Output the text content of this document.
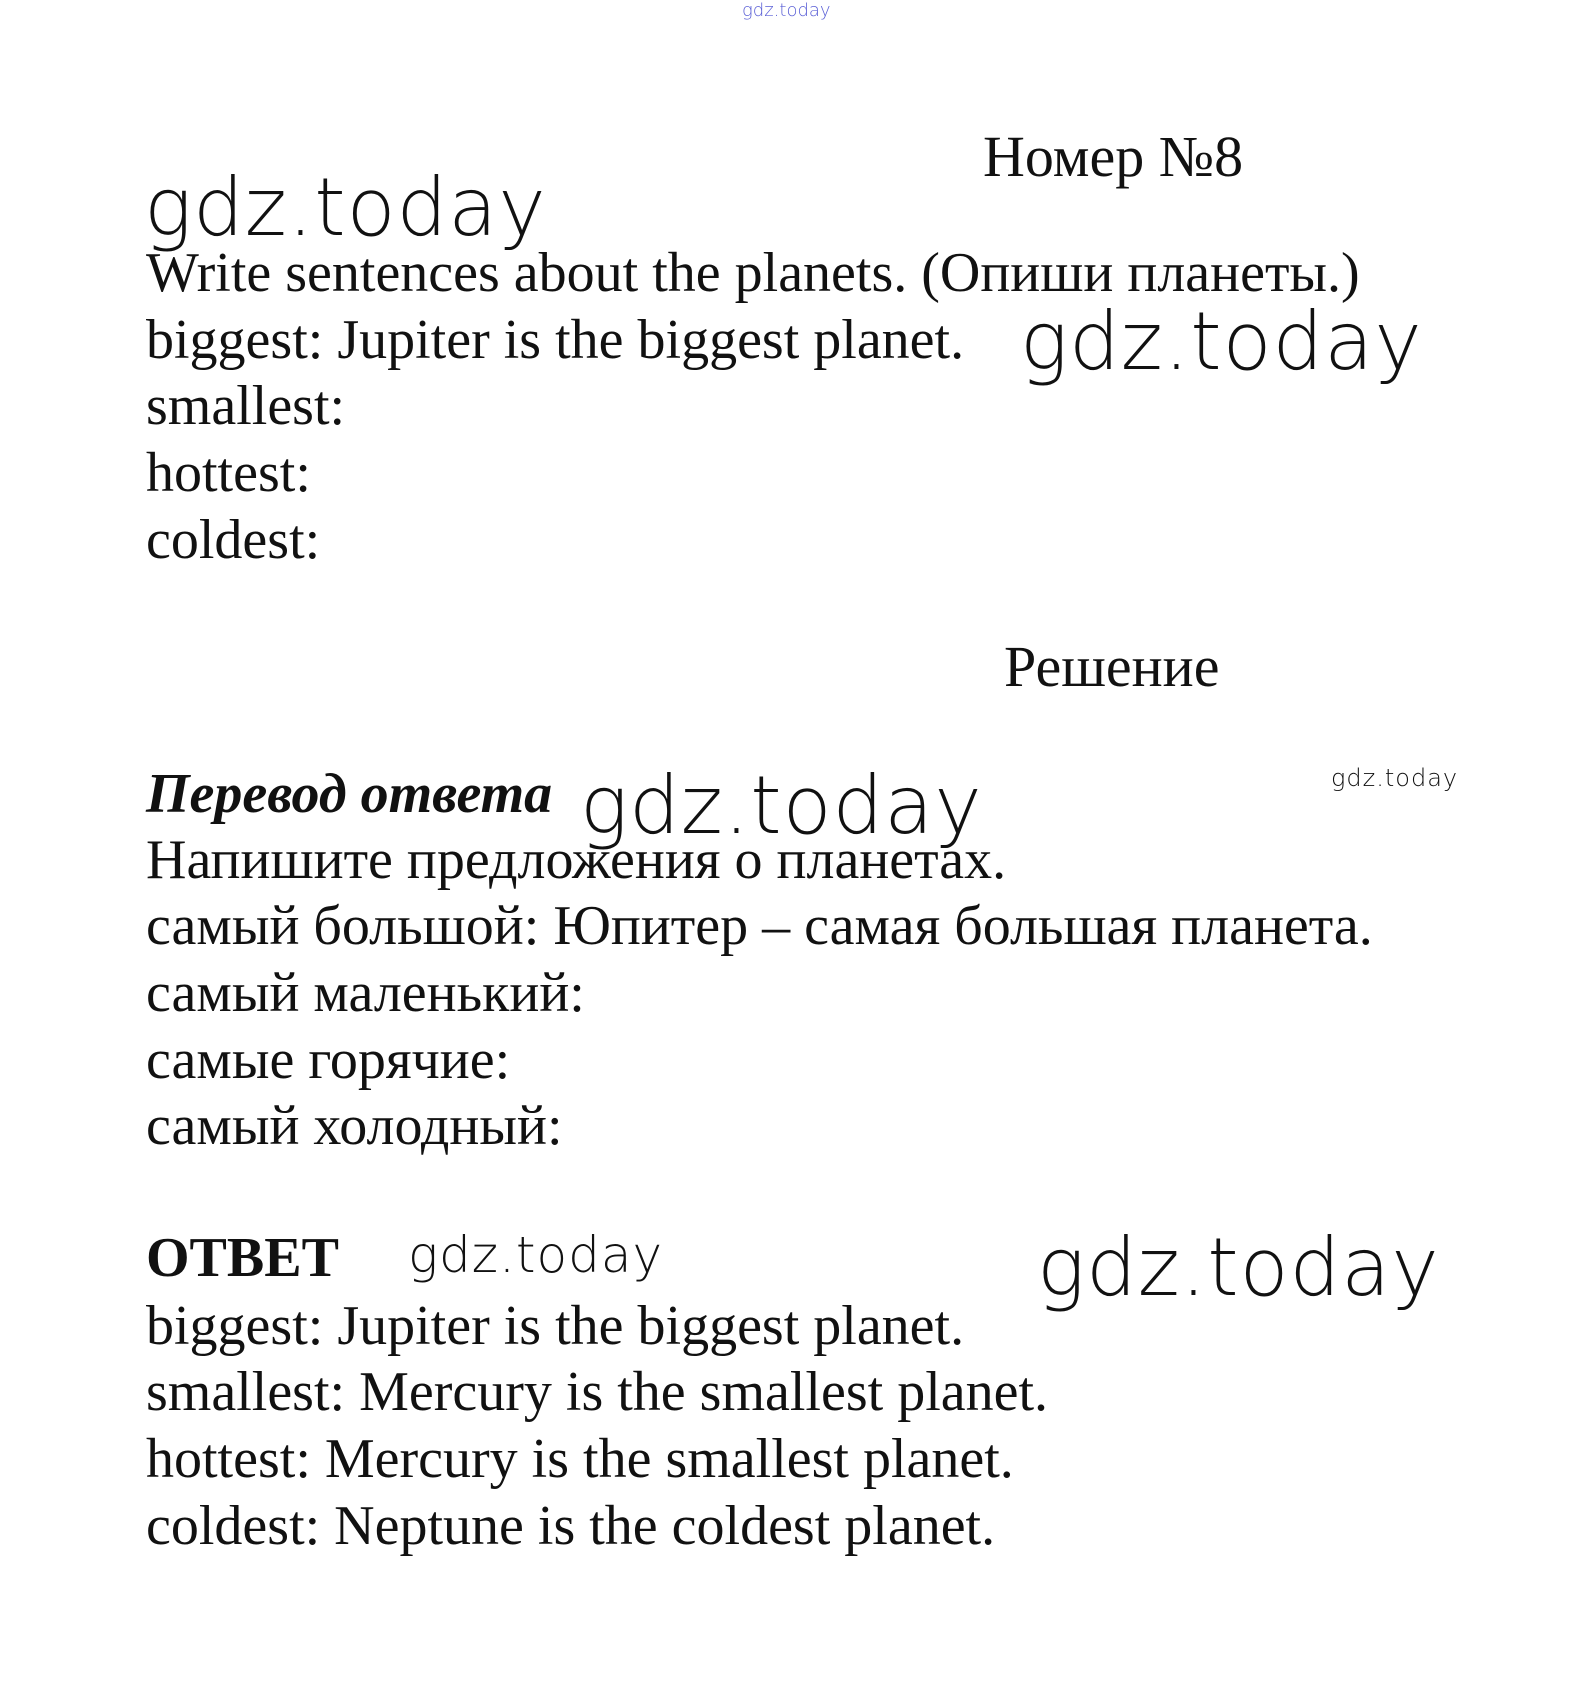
gdz.today
Номер №8
gdz.today
Write sentences about the planets. (Опиши планеты.)
biggest: Jupiter is the biggest planet. gdz.today
smallest:
hottest:
coldest:
Решение
Перевод ответа gdz.today	gdz.today
Напишите предложения о планетах.
самый большой: Юпитер – самая большая планета.
самый маленький:
самые горячие:
самый холодный:
ОТВЕТ gdz.today	gdz.today
biggest: Jupiter is the biggest planet.
smallest: Mercury is the smallest planet.
hottest: Mercury is the smallest planet.
coldest: Neptune is the coldest planet.
